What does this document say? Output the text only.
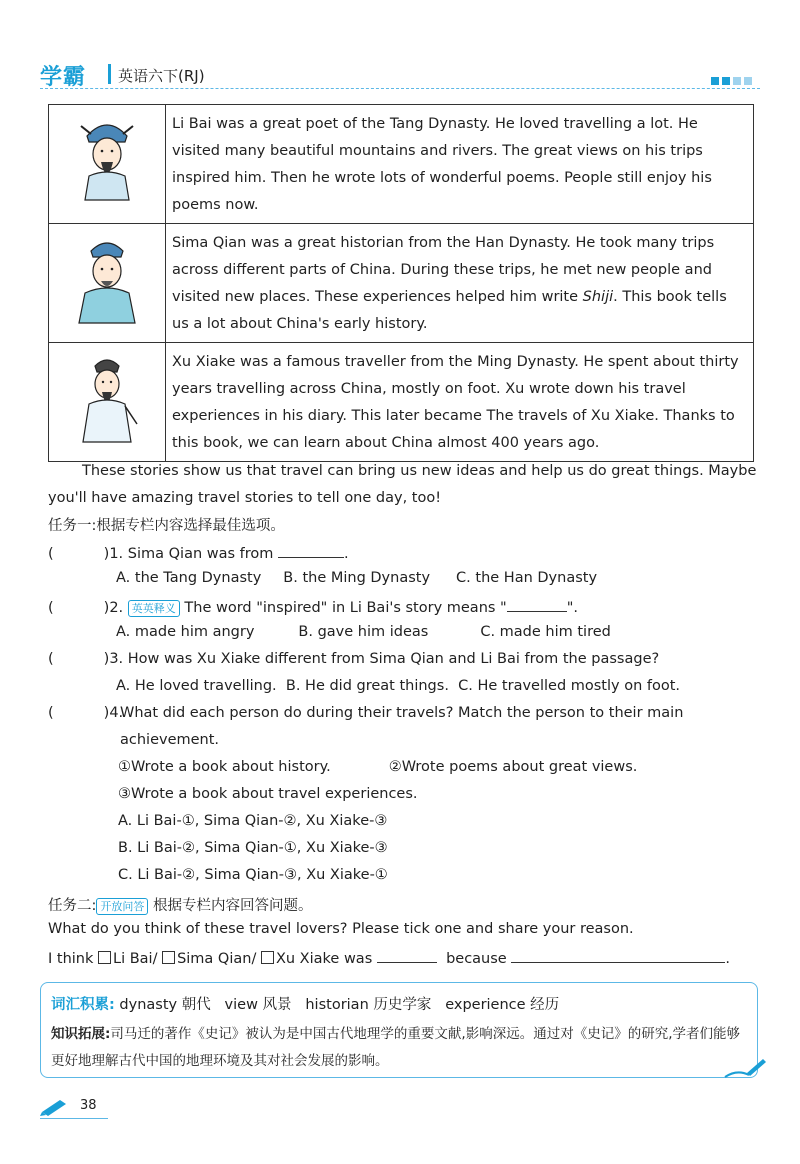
学霸 英语六下(RJ)
	Li Bai was a great poet of the Tang Dynasty. He loved travelling a lot. He visited many beautiful mountains and rivers. The great views on his trips inspired him. Then he wrote lots of wonderful poems. People still enjoy his poems now.
	Sima Qian was a great historian from the Han Dynasty. He took many trips across different parts of China. During these trips, he met new people and visited new places. These experiences helped him write Shiji. This book tells us a lot about China's early history.
	Xu Xiake was a famous traveller from the Ming Dynasty. He spent about thirty years travelling across China, mostly on foot. Xu wrote down his travel experiences in his diary. This later became The travels of Xu Xiake. Thanks to this book, we can learn about China almost 400 years ago.
These stories show us that travel can bring us new ideas and help us do great things. Maybe you'll have amazing travel stories to tell one day, too!
任务一:根据专栏内容选择最佳选项。
(	)1. Sima Qian was from	.
A. the Tang Dynasty B. the Ming Dynasty C. the Han Dynasty
(	)2. 英英释义 The word "inspired" in Li Bai's story means "	".
A. made him angry	B. gave him ideas	C. made him tired
(	)3. How was Xu Xiake different from Sima Qian and Li Bai from the passage?
A. He loved travelling. B. He did great things. C. He travelled mostly on foot.
(	)4.
What did each person do during their travels? Match the person to their main achievement.
①Wrote a book about history.	②Wrote poems about great views.
③Wrote a book about travel experiences.
A. Li Bai-①, Sima Qian-②, Xu Xiake-③
B. Li Bai-②, Sima Qian-①, Xu Xiake-③
C. Li Bai-②, Sima Qian-③, Xu Xiake-①
任务二: 开放问答 根据专栏内容回答问题。
What do you think of these travel lovers? Please tick one and share your reason.
I think Li Bai/ Sima Qian/ Xu Xiake was	because	.
词汇积累: dynasty 朝代   view 风景   historian 历史学家   experience 经历
知识拓展:司马迁的著作《史记》被认为是中国古代地理学的重要文献,影响深远。通过对《史记》的研究,学者们能够更好地理解古代中国的地理环境及其对社会发展的影响。
38
